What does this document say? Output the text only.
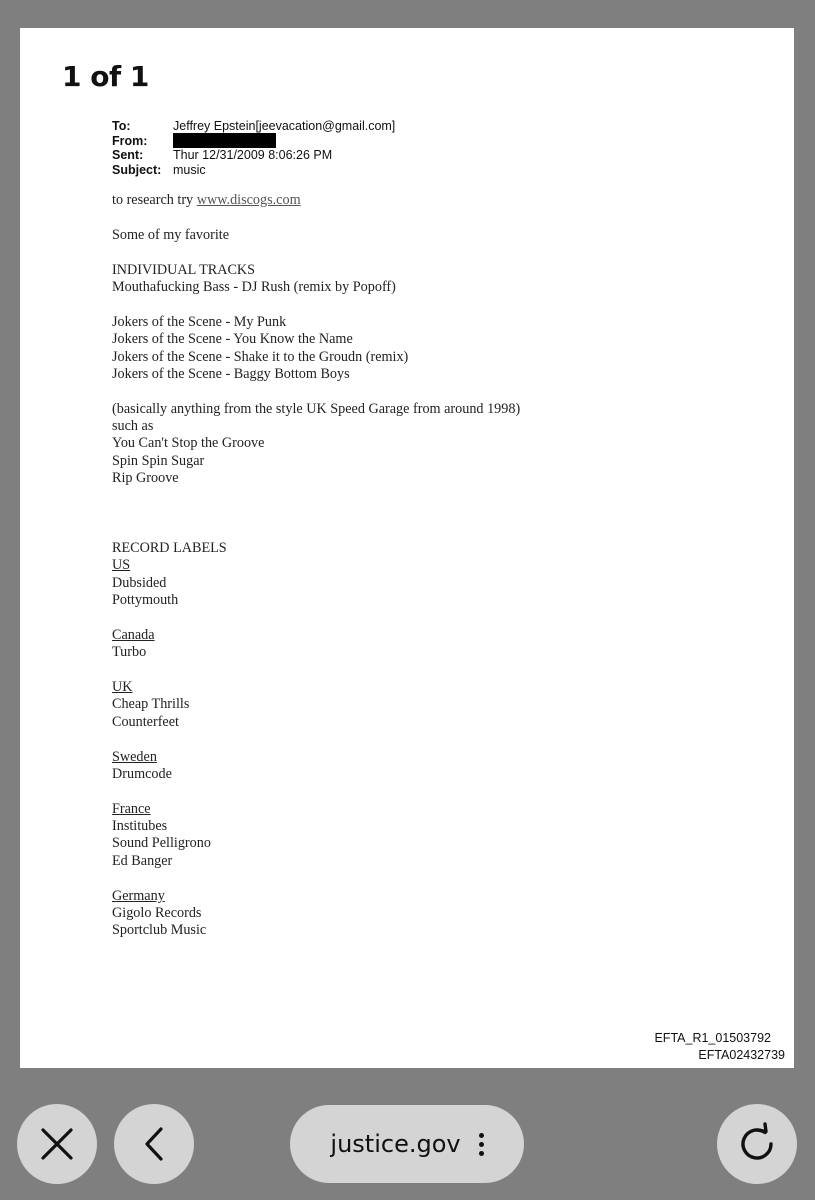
1 of 1
To:	Jeffrey Epstein[jeevacation@gmail.com]
From:
Sent:	Thur 12/31/2009 8:06:26 PM
Subject: music
to research try www.discogs.com
Some of my favorite
INDIVIDUAL TRACKS
Mouthafucking Bass - DJ Rush (remix by Popoff)
Jokers of the Scene - My Punk
Jokers of the Scene - You Know the Name
Jokers of the Scene - Shake it to the Groudn (remix)
Jokers of the Scene - Baggy Bottom Boys
(basically anything from the style UK Speed Garage from around 1998)
such as
You Can't Stop the Groove
Spin Spin Sugar
Rip Groove
RECORD LABELS
US
Dubsided
Pottymouth
Canada
Turbo
UK
Cheap Thrills
Counterfeet
Sweden
Drumcode
France
Institubes
Sound Pelligrono
Ed Banger
Germany
Gigolo Records
Sportclub Music
EFTA_R1_01503792
EFTA02432739
justice.gov
